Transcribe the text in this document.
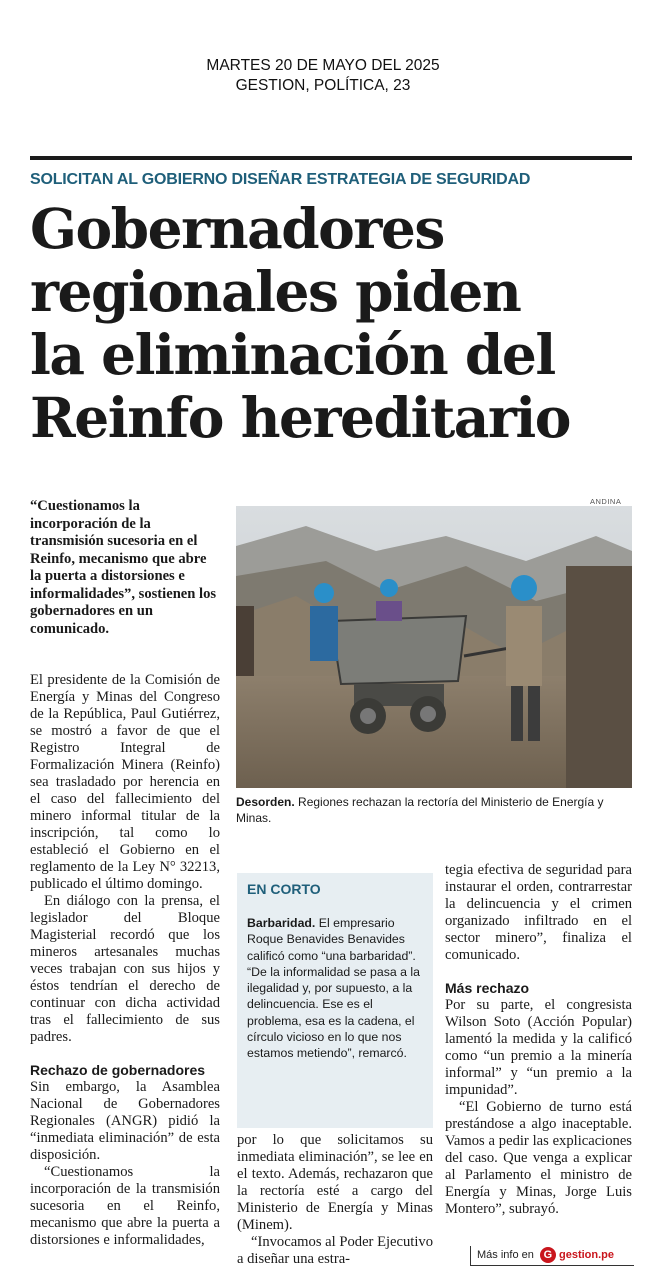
MARTES 20 DE MAYO DEL 2025
GESTION, POLÍTICA, 23
SOLICITAN AL GOBIERNO DISEÑAR ESTRATEGIA DE SEGURIDAD
Gobernadores
regionales piden
la eliminación del
Reinfo hereditario
“Cuestionamos la incorporación de la transmisión sucesoria en el Reinfo, mecanismo que abre la puerta a distorsiones e informalidades”, sostienen los gobernadores en un comunicado.
ANDINA
Desorden. Regiones rechazan la rectoría del Ministerio de Energía y Minas.

El presidente de la Comisión de Energía y Minas del Congreso de la República, Paul Gutiérrez, se mostró a favor de que el Registro Integral de Formalización Minera (Reinfo) sea trasladado por herencia en el caso del fallecimiento del minero informal titular de la inscripción, tal como lo estableció el Gobierno en el reglamento de la Ley N° 32213, publicado el último domingo.

En diálogo con la prensa, el legislador del Bloque Magisterial recordó que los mineros artesanales muchas veces trabajan con sus hijos y éstos tendrían el derecho de continuar con dicha actividad tras el fallecimiento de sus padres.

Rechazo de gobernadores

Sin embargo, la Asamblea Nacional de Gobernadores Regionales (ANGR) pidió la “inmediata eliminación” de esta disposición.

“Cuestionamos la incorporación de la transmisión sucesoria en el Reinfo, mecanismo que abre la puerta a distorsiones e informalidades,

EN CORTO
Barbaridad. El empresario Roque Benavides Benavides calificó como “una barbaridad”. “De la informalidad se pasa a la ilegalidad y, por supuesto, a la delincuencia. Ese es el problema, esa es la cadena, el círculo vicioso en lo que nos estamos metiendo”, remarcó.

por lo que solicitamos su inmediata eliminación”, se lee en el texto. Además, rechazaron que la rectoría esté a cargo del Ministerio de Energía y Minas (Minem).

“Invocamos al Poder Ejecutivo a diseñar una estra-

tegia efectiva de seguridad para instaurar el orden, contrarrestar la delincuencia y el crimen organizado infiltrado en el sector minero”, finaliza el comunicado.

Más rechazo

Por su parte, el congresista Wilson Soto (Acción Popular) lamentó la medida y la calificó como “un premio a la minería informal” y “un premio a la impunidad”.

“El Gobierno de turno está prestándose a algo inaceptable. Vamos a pedir las explicaciones del caso. Que venga a explicar al Parlamento el ministro de Energía y Minas, Jorge Luis Montero”, subrayó.

Más info en G gestion.pe
